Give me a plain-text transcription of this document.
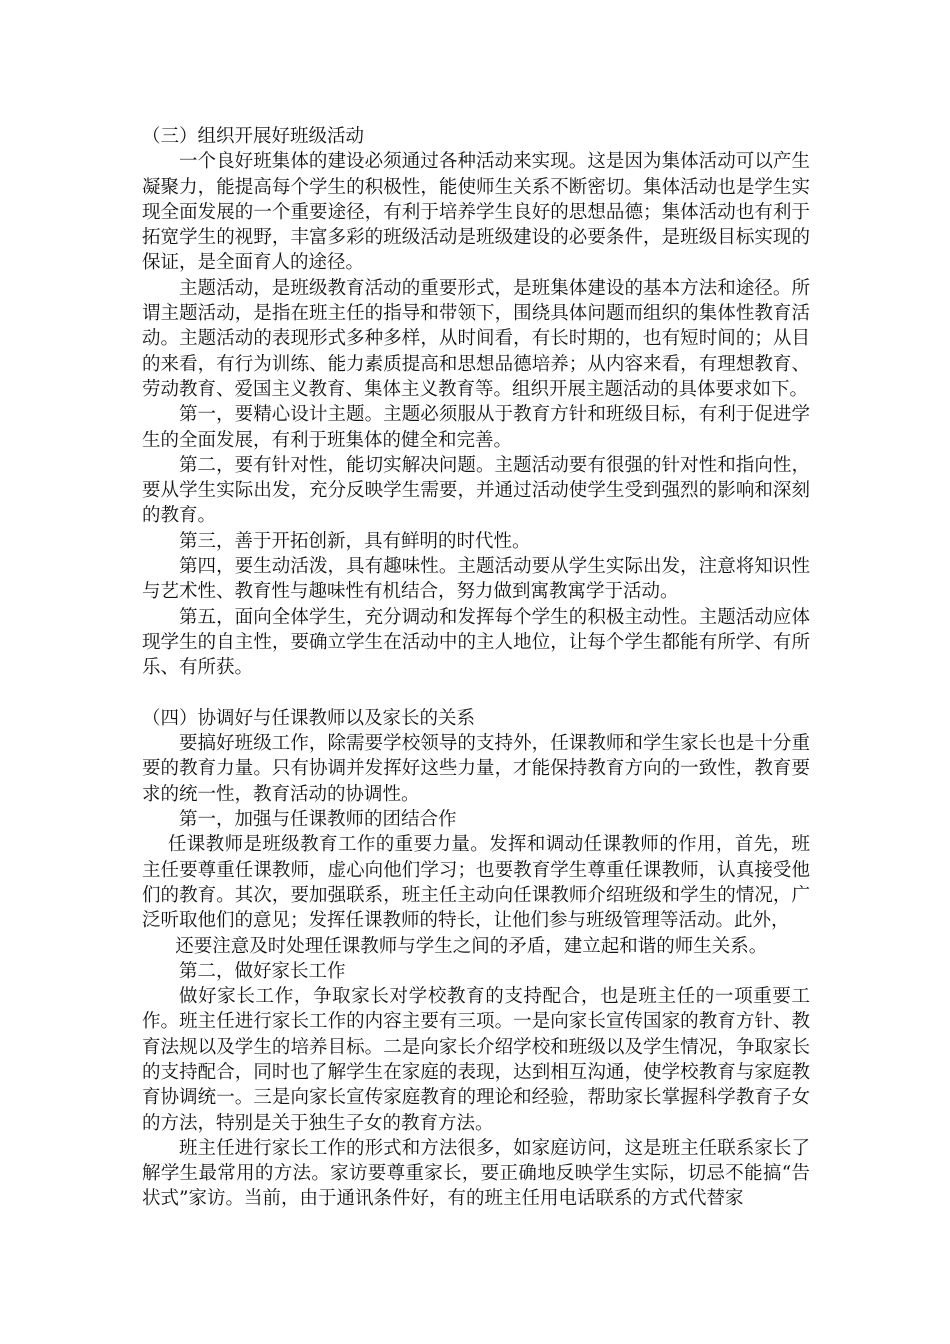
（三）组织开展好班级活动

一个良好班集体的建设必须通过各种活动来实现。这是因为集体活动可以产生凝聚力，能提高每个学生的积极性，能使师生关系不断密切。集体活动也是学生实现全面发展的一个重要途径，有利于培养学生良好的思想品德；集体活动也有利于拓宽学生的视野，丰富多彩的班级活动是班级建设的必要条件，是班级目标实现的保证，是全面育人的途径。

主题活动，是班级教育活动的重要形式，是班集体建设的基本方法和途径。所谓主题活动，是指在班主任的指导和带领下，围绕具体问题而组织的集体性教育活动。主题活动的表现形式多种多样，从时间看，有长时期的，也有短时间的；从目的来看，有行为训练、能力素质提高和思想品德培养；从内容来看，有理想教育、劳动教育、爱国主义教育、集体主义教育等。组织开展主题活动的具体要求如下。

第一，要精心设计主题。主题必须服从于教育方针和班级目标，有利于促进学生的全面发展，有利于班集体的健全和完善。

第二，要有针对性，能切实解决问题。主题活动要有很强的针对性和指向性，要从学生实际出发，充分反映学生需要，并通过活动使学生受到强烈的影响和深刻的教育。

第三，善于开拓创新，具有鲜明的时代性。

第四，要生动活泼，具有趣味性。主题活动要从学生实际出发，注意将知识性与艺术性、教育性与趣味性有机结合，努力做到寓教寓学于活动。

第五，面向全体学生，充分调动和发挥每个学生的积极主动性。主题活动应体现学生的自主性，要确立学生在活动中的主人地位，让每个学生都能有所学、有所乐、有所获。

（四）协调好与任课教师以及家长的关系

要搞好班级工作，除需要学校领导的支持外，任课教师和学生家长也是十分重要的教育力量。只有协调并发挥好这些力量，才能保持教育方向的一致性，教育要求的统一性，教育活动的协调性。

第一，加强与任课教师的团结合作

任课教师是班级教育工作的重要力量。发挥和调动任课教师的作用，首先，班主任要尊重任课教师，虚心向他们学习；也要教育学生尊重任课教师，认真接受他们的教育。其次，要加强联系，班主任主动向任课教师介绍班级和学生的情况，广泛听取他们的意见；发挥任课教师的特长，让他们参与班级管理等活动。此外，

还要注意及时处理任课教师与学生之间的矛盾，建立起和谐的师生关系。

第二，做好家长工作

做好家长工作，争取家长对学校教育的支持配合，也是班主任的一项重要工作。班主任进行家长工作的内容主要有三项。一是向家长宣传国家的教育方针、教育法规以及学生的培养目标。二是向家长介绍学校和班级以及学生情况，争取家长的支持配合，同时也了解学生在家庭的表现，达到相互沟通，使学校教育与家庭教育协调统一。三是向家长宣传家庭教育的理论和经验，帮助家长掌握科学教育子女的方法，特别是关于独生子女的教育方法。

班主任进行家长工作的形式和方法很多，如家庭访问，这是班主任联系家长了解学生最常用的方法。家访要尊重家长，要正确地反映学生实际，切忌不能搞“告状式”家访。当前，由于通讯条件好，有的班主任用电话联系的方式代替家
